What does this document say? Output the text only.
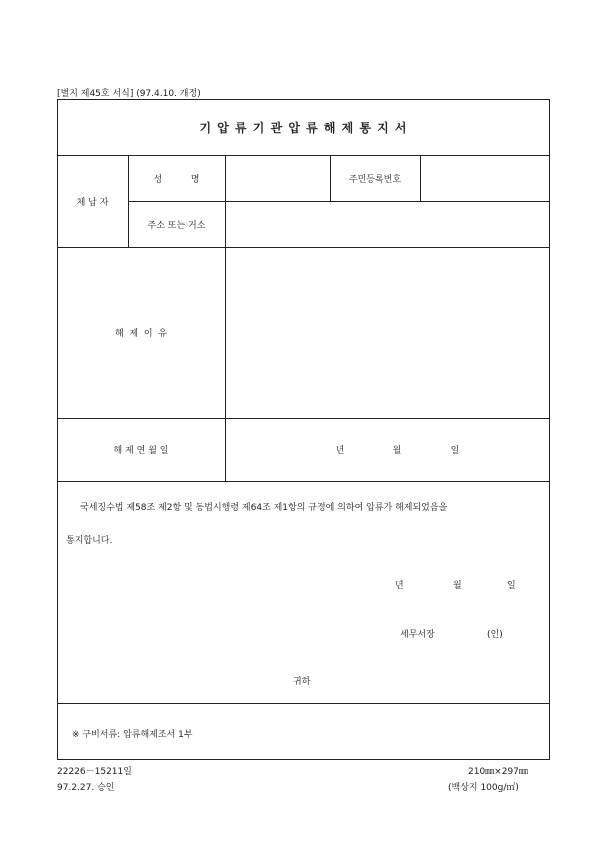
[별지 제45호 서식] (97.4.10. 개정)
기 압 류 기 관 압 류 해 제 통 지 서
체 납 자
성          명	주민등록번호
주소 또는 거소
해  제  이  유
해 제 연 월 일	년	월	일
국세징수법 제58조 제2항 및 동법시행령 제64조 제1항의 규정에 의하여 압류가 해제되었음을
통지합니다.
년	월	일
세무서장	(인)
귀하
※ 구비서류: 압류해제조서 1부
22226－15211일
97.2.27. 승인
210㎜×297㎜
(백상지 100g/㎡)
